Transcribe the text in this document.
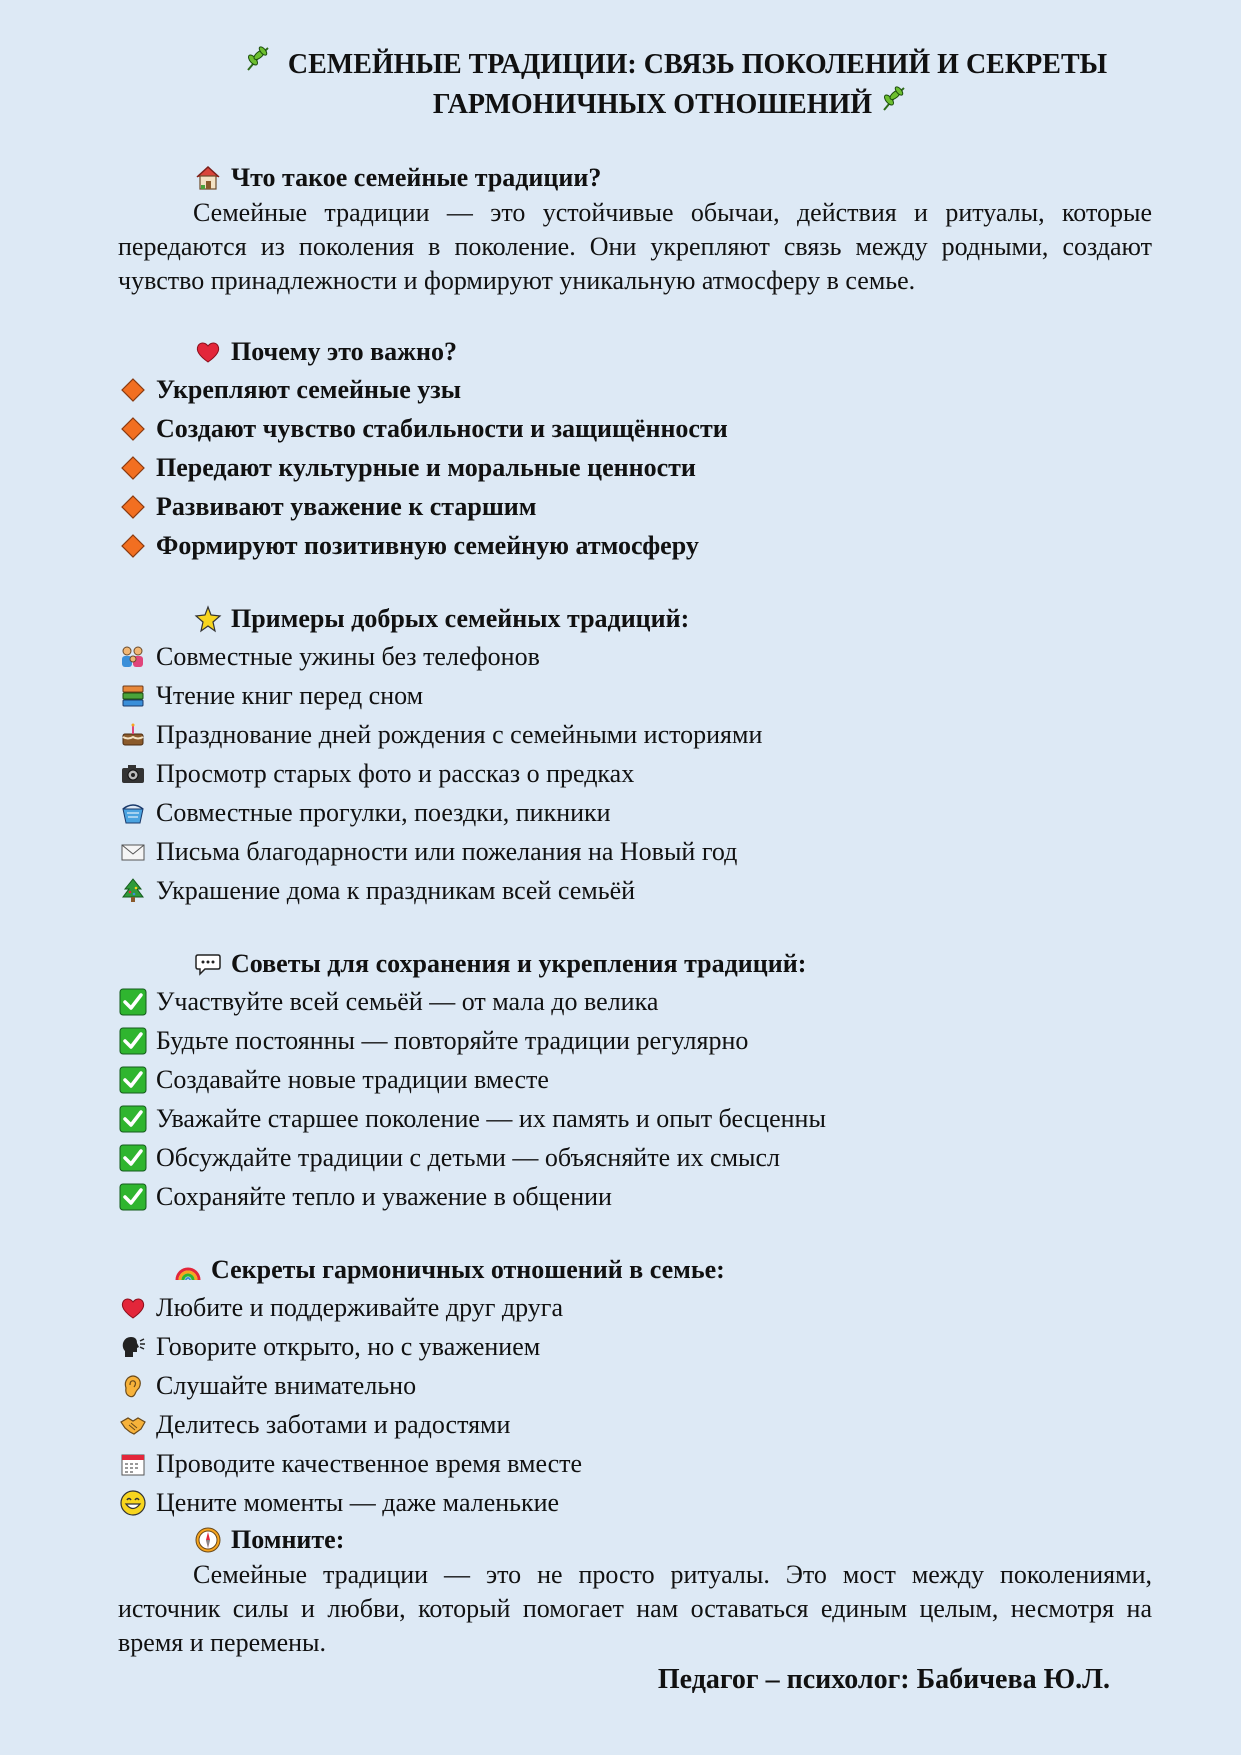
СЕМЕЙНЫЕ ТРАДИЦИИ: СВЯЗЬ ПОКОЛЕНИЙ И СЕКРЕТЫ
ГАРМОНИЧНЫХ ОТНОШЕНИЙ
Что такое семейные традиции?

Семейные традиции — это устойчивые обычаи, действия и ритуалы, которые передаются из поколения в поколение. Они укрепляют связь между родными, создают чувство принадлежности и формируют уникальную атмосферу в семье.

Почему это важно?
Укрепляют семейные узы
Создают чувство стабильности и защищённости
Передают культурные и моральные ценности
Развивают уважение к старшим
Формируют позитивную семейную атмосферу
Примеры добрых семейных традиций:
Совместные ужины без телефонов
Чтение книг перед сном
Празднование дней рождения с семейными историями
Просмотр старых фото и рассказ о предках
Совместные прогулки, поездки, пикники
Письма благодарности или пожелания на Новый год
Украшение дома к праздникам всей семьёй
Советы для сохранения и укрепления традиций:
Участвуйте всей семьёй — от мала до велика
Будьте постоянны — повторяйте традиции регулярно
Создавайте новые традиции вместе
Уважайте старшее поколение — их память и опыт бесценны
Обсуждайте традиции с детьми — объясняйте их смысл
Сохраняйте тепло и уважение в общении
Секреты гармоничных отношений в семье:
Любите и поддерживайте друг друга
Говорите открыто, но с уважением
Слушайте внимательно
Делитесь заботами и радостями
Проводите качественное время вместе
Цените моменты — даже маленькие
Помните:

Семейные традиции — это не просто ритуалы. Это мост между поколениями, источник силы и любви, который помогает нам оставаться единым целым, несмотря на время и перемены.

Педагог – психолог: Бабичева Ю.Л.
